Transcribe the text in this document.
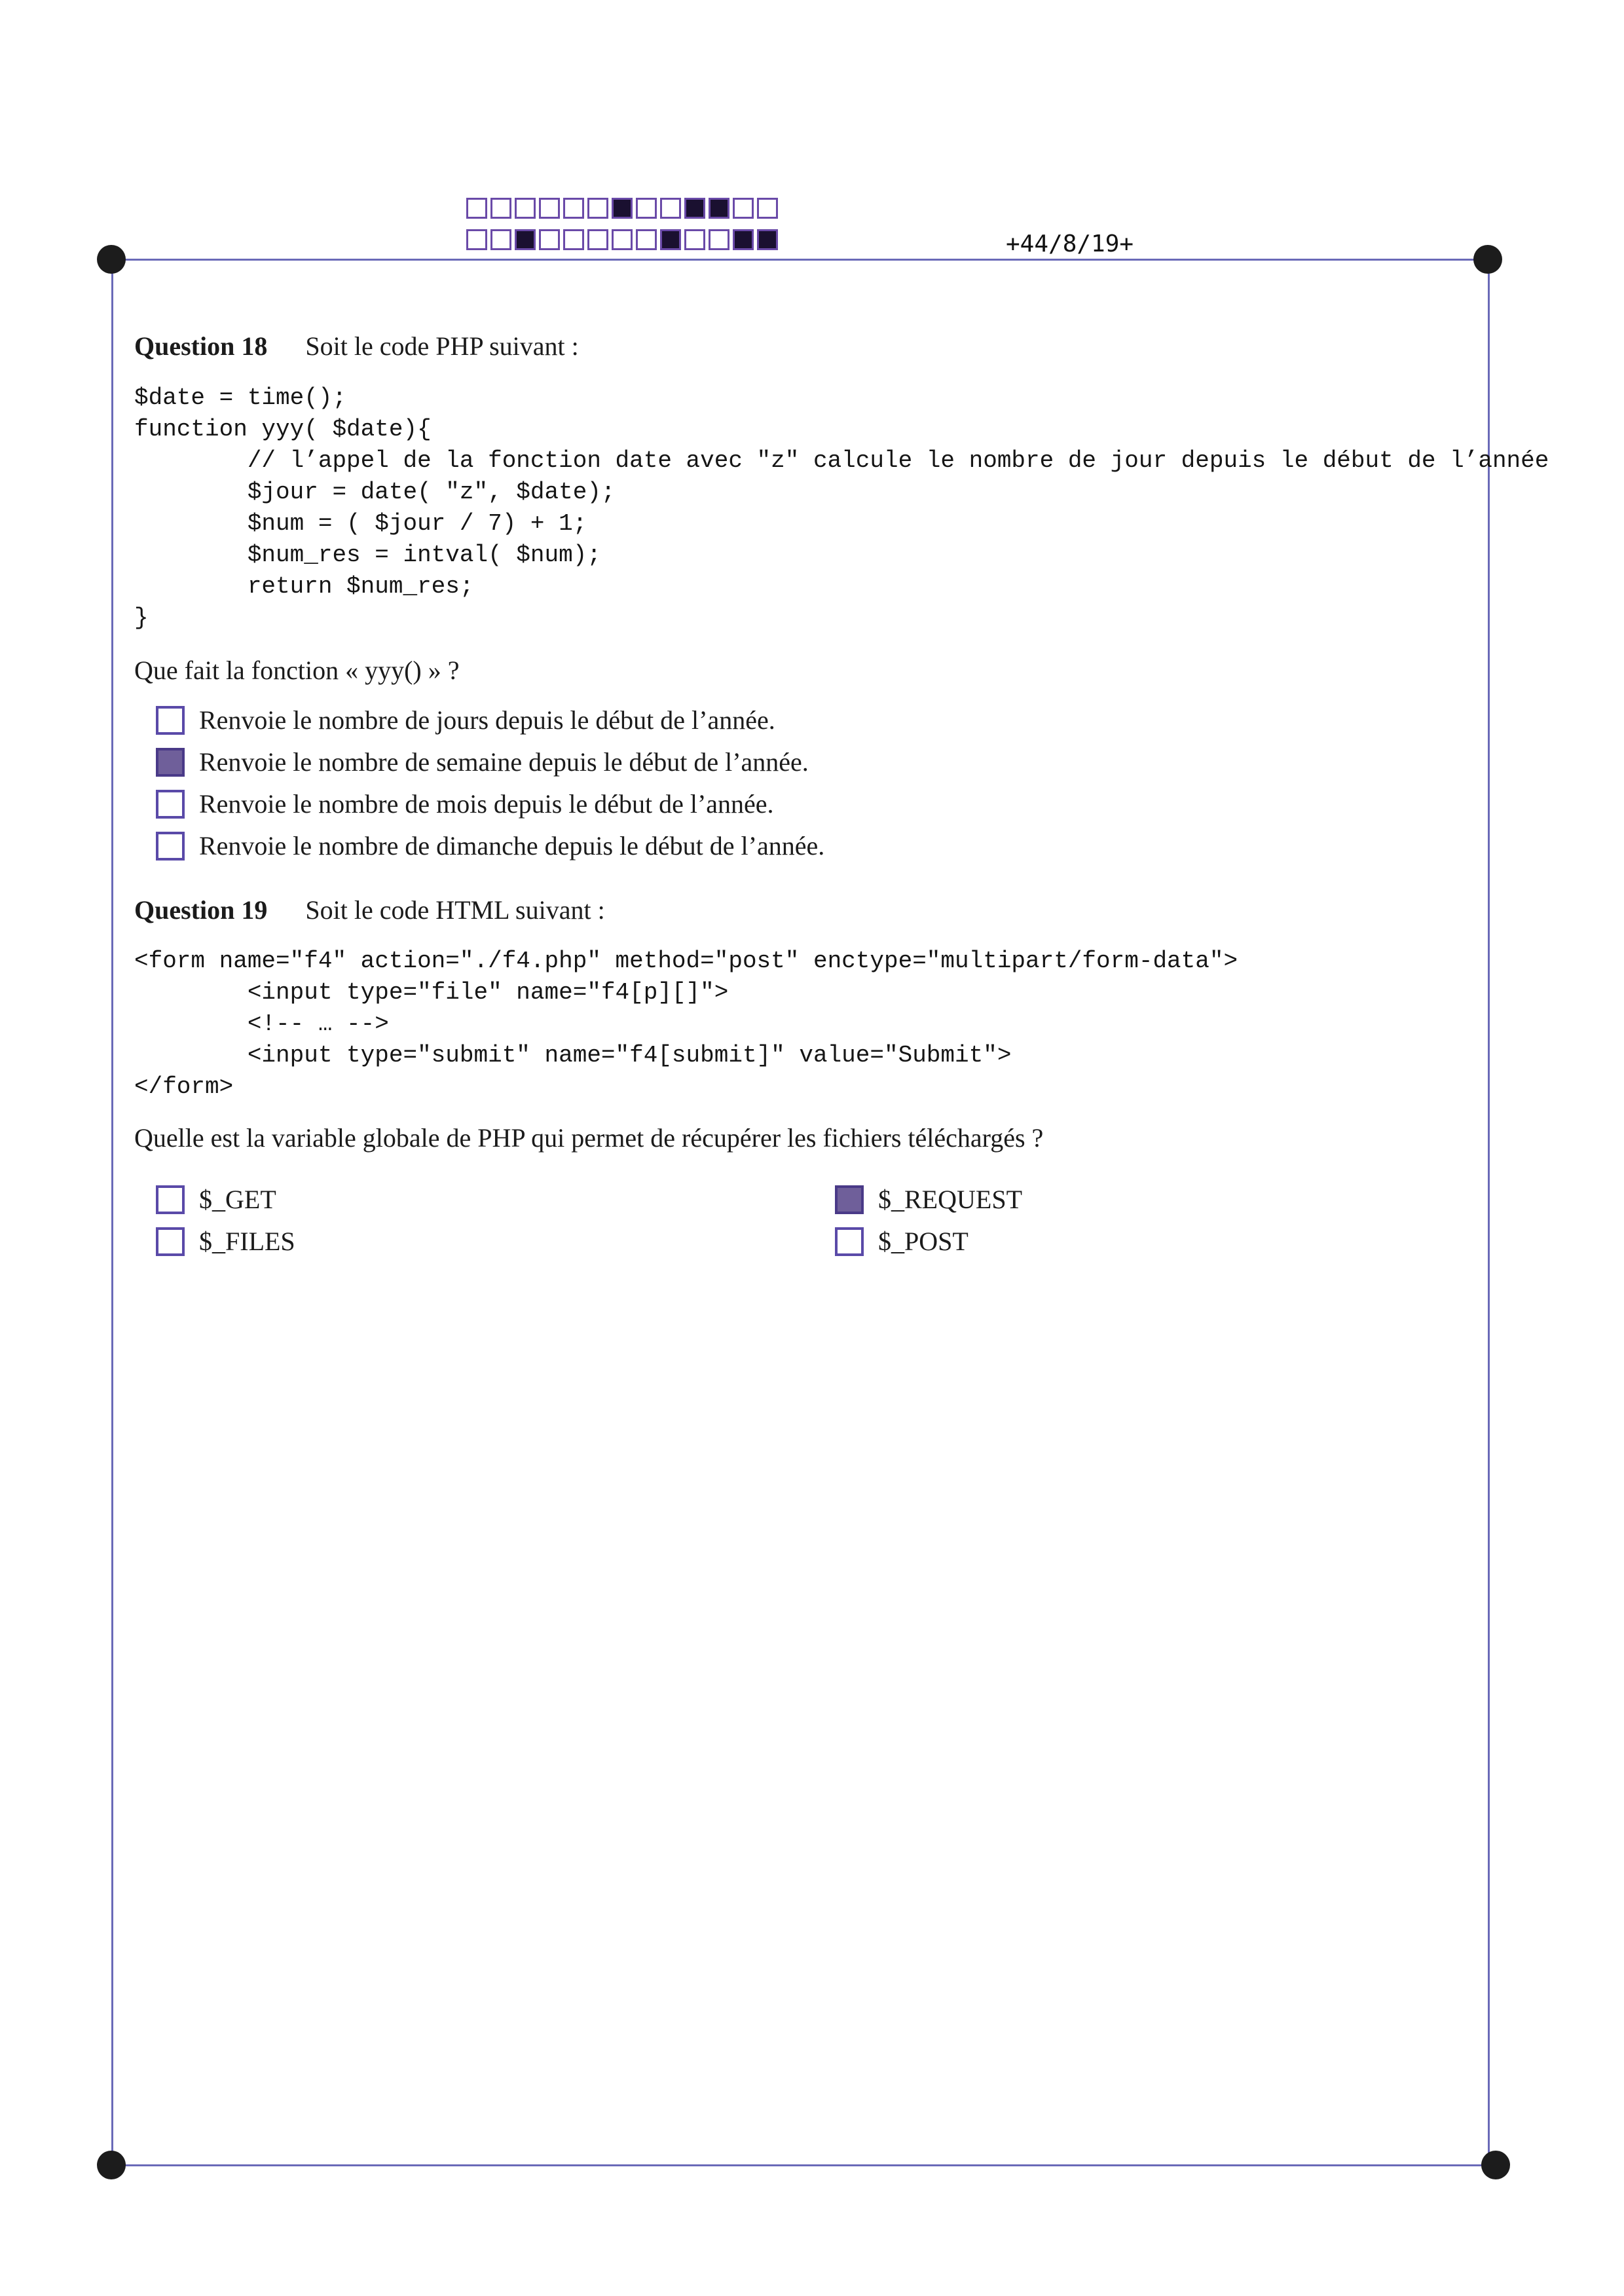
+44/8/19+
Question 18 Soit le code PHP suivant :
$date = time();
function yyy( $date){
// l’appel de la fonction date avec "z" calcule le nombre de jour depuis le début de l’année
$jour = date( "z", $date);
$num = ( $jour / 7) + 1;
$num_res = intval( $num);
return $num_res;
}
Que fait la fonction « yyy() » ?
Renvoie le nombre de jours depuis le début de l’année.
Renvoie le nombre de semaine depuis le début de l’année.
Renvoie le nombre de mois depuis le début de l’année.
Renvoie le nombre de dimanche depuis le début de l’année.
Question 19 Soit le code HTML suivant :
<form name="f4" action="./f4.php" method="post" enctype="multipart/form-data">
<input type="file" name="f4[p][]">
<!-- … -->
<input type="submit" name="f4[submit]" value="Submit">
</form>
Quelle est la variable globale de PHP qui permet de récupérer les fichiers téléchargés ?
$_GET	$_REQUEST
$_FILES	$_POST
